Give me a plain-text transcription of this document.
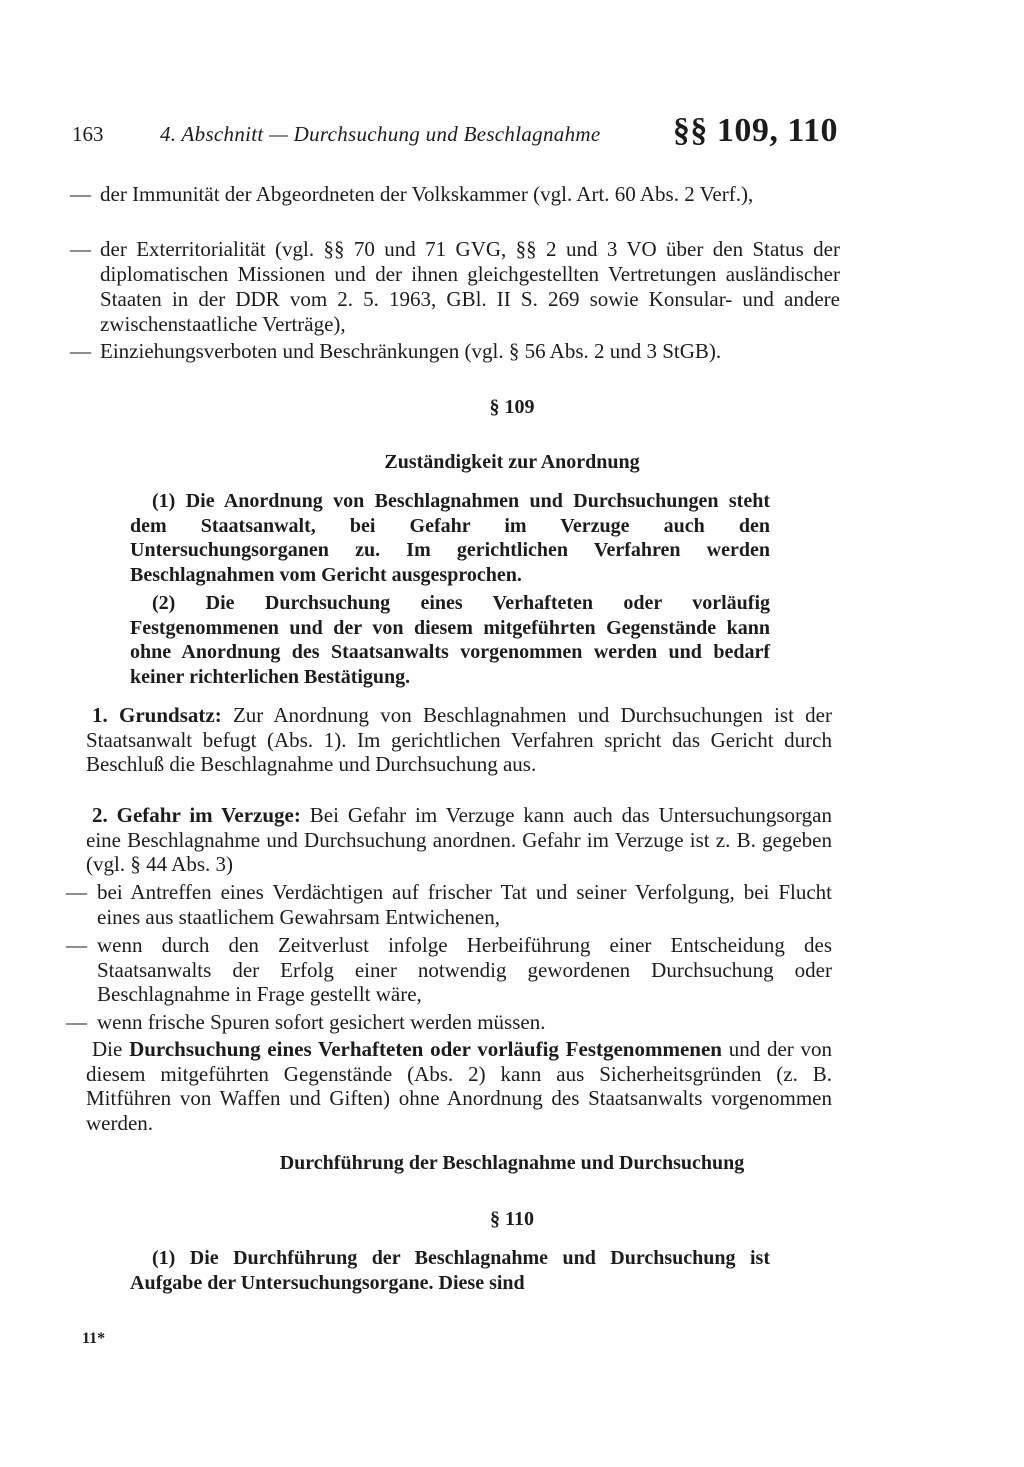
163	4. Abschnitt — Durchsuchung und Beschlagnahme §§ 109, 110
— der Immunität der Abgeordneten der Volkskammer (vgl. Art. 60 Abs. 2 Verf.),
— der Exterritorialität (vgl. §§ 70 und 71 GVG, §§ 2 und 3 VO über den Status der diplomatischen Missionen und der ihnen gleichgestellten Vertretungen ausländischer Staaten in der DDR vom 2. 5. 1963, GBl. II S. 269 sowie Konsular- und andere zwischenstaatliche Verträge),
— Einziehungsverboten und Beschränkungen (vgl. § 56 Abs. 2 und 3 StGB).
§ 109
Zuständigkeit zur Anordnung
(1) Die Anordnung von Beschlagnahmen und Durchsuchungen steht dem Staatsanwalt, bei Gefahr im Verzuge auch den Untersuchungsorganen zu. Im gerichtlichen Verfahren werden Beschlagnahmen vom Gericht ausgesprochen.
(2) Die Durchsuchung eines Verhafteten oder vorläufig Festgenommenen und der von diesem mitgeführten Gegenstände kann ohne Anordnung des Staatsanwalts vorgenommen werden und bedarf keiner richterlichen Bestätigung.
1. Grundsatz: Zur Anordnung von Beschlagnahmen und Durchsuchungen ist der Staatsanwalt befugt (Abs. 1). Im gerichtlichen Verfahren spricht das Gericht durch Beschluß die Beschlagnahme und Durchsuchung aus.
2. Gefahr im Verzuge: Bei Gefahr im Verzuge kann auch das Untersuchungsorgan eine Beschlagnahme und Durchsuchung anordnen. Gefahr im Verzuge ist z. B. gegeben (vgl. § 44 Abs. 3)
— bei Antreffen eines Verdächtigen auf frischer Tat und seiner Verfolgung, bei Flucht eines aus staatlichem Gewahrsam Entwichenen,
— wenn durch den Zeitverlust infolge Herbeiführung einer Entscheidung des Staatsanwalts der Erfolg einer notwendig gewordenen Durchsuchung oder Beschlagnahme in Frage gestellt wäre,
— wenn frische Spuren sofort gesichert werden müssen.
Die Durchsuchung eines Verhafteten oder vorläufig Festgenommenen und der von diesem mitgeführten Gegenstände (Abs. 2) kann aus Sicherheitsgründen (z. B. Mitführen von Waffen und Giften) ohne Anordnung des Staatsanwalts vorgenommen werden.
Durchführung der Beschlagnahme und Durchsuchung
§ 110
(1) Die Durchführung der Beschlagnahme und Durchsuchung ist Aufgabe der Untersuchungsorgane. Diese sind
11*
